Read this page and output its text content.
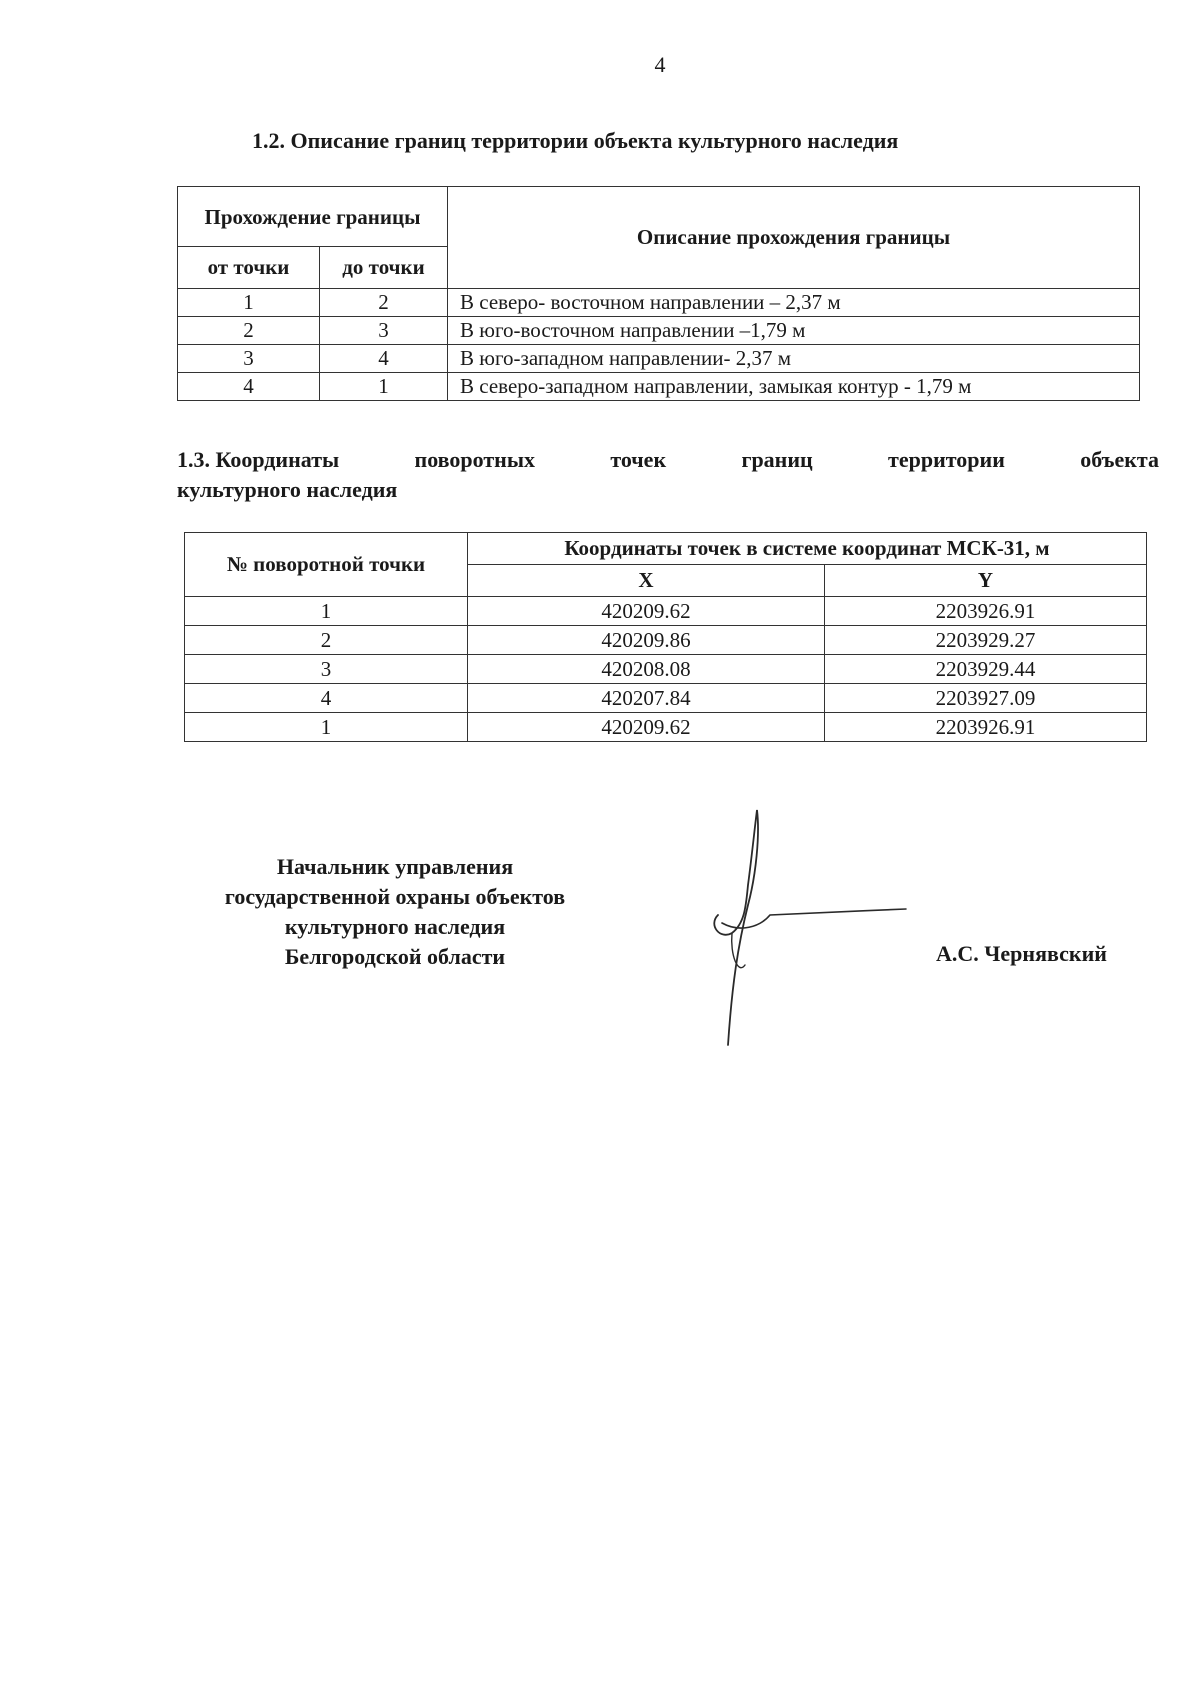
4
1.2. Описание границ территории объекта культурного наследия
Прохождение границы		Описание прохождения границы
от точки	до точки	
1	2	В северо- восточном направлении – 2,37 м
2	3	В юго-восточном направлении –1,79 м
3	4	В юго-западном направлении- 2,37 м
4	1	В северо-западном направлении, замыкая контур - 1,79 м
1.3. Координаты	поворотных	точек	границ	территории	объекта
культурного наследия
№ поворотной точки	Координаты точек в системе координат МСК-31, м	
	X	Y
1	420209.62	2203926.91
2	420209.86	2203929.27
3	420208.08	2203929.44
4	420207.84	2203927.09
1	420209.62	2203926.91
Начальник управления
государственной охраны объектов
культурного наследия
Белгородской области	А.С. Чернявский
